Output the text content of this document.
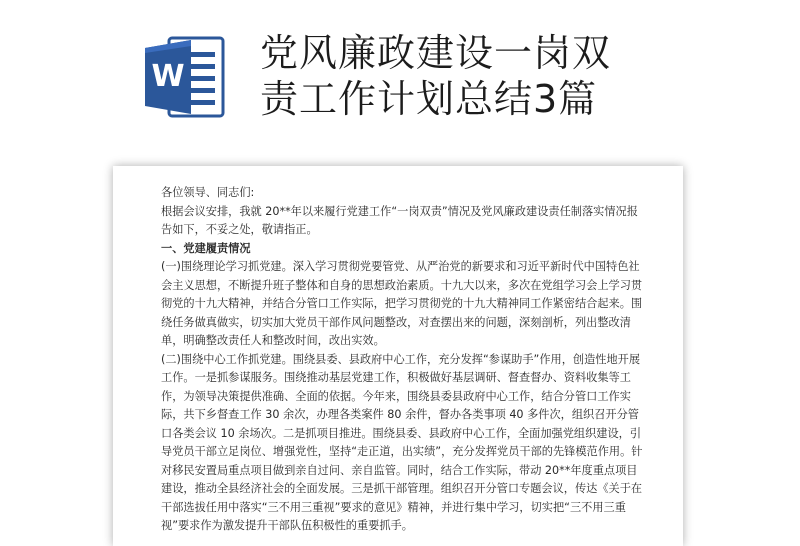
W
党风廉政建设一岗双
责工作计划总结3篇

各位领导、同志们:

根据会议安排，我就 20**年以来履行党建工作“一岗双责”情况及党风廉政建设责任制落实情况报告如下，不妥之处，敬请指正。

一、党建履责情况

(一)围绕理论学习抓党建。深入学习贯彻党要管党、从严治党的新要求和习近平新时代中国特色社会主义思想，不断提升班子整体和自身的思想政治素质。十九大以来，多次在党组学习会上学习贯彻党的十九大精神，并结合分管口工作实际，把学习贯彻党的十九大精神同工作紧密结合起来。围绕任务做真做实，切实加大党员干部作风问题整改，对查摆出来的问题，深刻剖析，列出整改清单，明确整改责任人和整改时间，改出实效。

(二)围绕中心工作抓党建。围绕县委、县政府中心工作，充分发挥“参谋助手”作用，创造性地开展工作。一是抓参谋服务。围绕推动基层党建工作，积极做好基层调研、督查督办、资料收集等工作，为领导决策提供准确、全面的依据。今年来，围绕县委县政府中心工作，结合分管口工作实际，共下乡督查工作 30 余次，办理各类案件 80 余件，督办各类事项 40 多件次，组织召开分管口各类会议 10 余场次。二是抓项目推进。围绕县委、县政府中心工作，全面加强党组织建设，引导党员干部立足岗位、增强党性，坚持“走正道，出实绩”，充分发挥党员干部的先锋模范作用。针对移民安置局重点项目做到亲自过问、亲自监管。同时，结合工作实际，带动 20**年度重点项目建设，推动全县经济社会的全面发展。三是抓干部管理。组织召开分管口专题会议，传达《关于在干部选拔任用中落实“三不用三重视”要求的意见》精神，并进行集中学习，切实把“三不用三重视”要求作为激发提升干部队伍积极性的重要抓手。
